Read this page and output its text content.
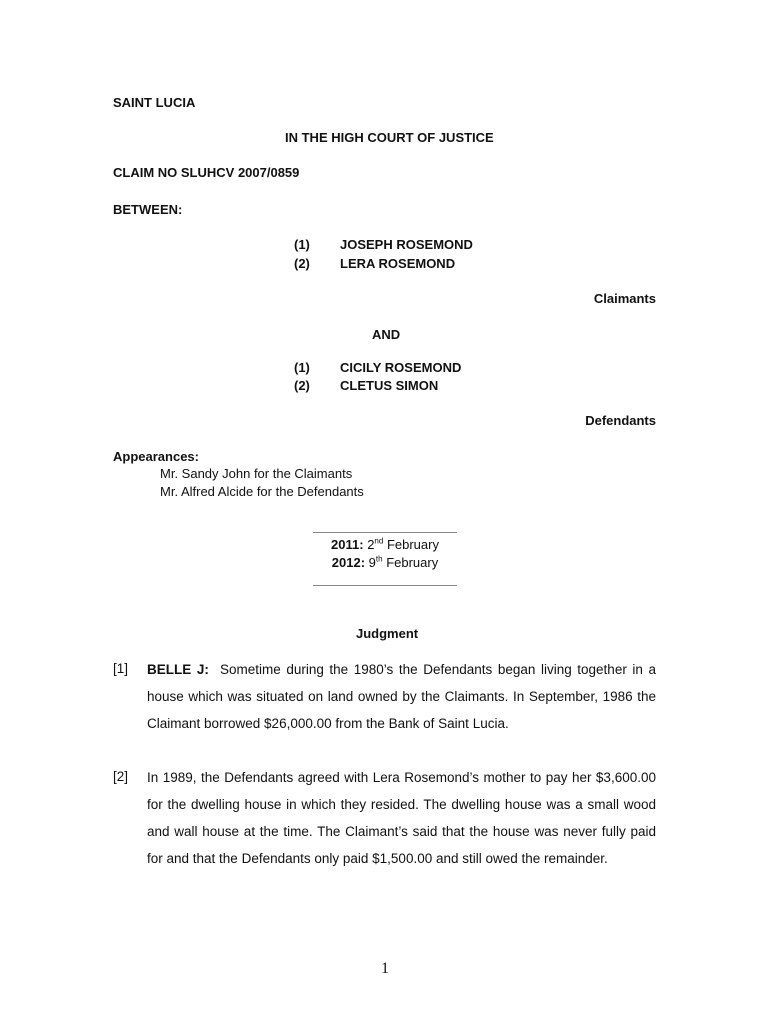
SAINT LUCIA
IN THE HIGH COURT OF JUSTICE
CLAIM NO SLUHCV 2007/0859
BETWEEN:
(1) JOSEPH ROSEMOND
(2) LERA ROSEMOND
Claimants
AND
(1) CICILY ROSEMOND
(2) CLETUS SIMON
Defendants
Appearances:
Mr. Sandy John for the Claimants
Mr. Alfred Alcide for the Defendants
2011: 2nd February
2012: 9th February
Judgment
[1] BELLE J: Sometime during the 1980’s the Defendants began living together in a house which was situated on land owned by the Claimants. In September, 1986 the Claimant borrowed $26,000.00 from the Bank of Saint Lucia.
[2] In 1989, the Defendants agreed with Lera Rosemond’s mother to pay her $3,600.00 for the dwelling house in which they resided. The dwelling house was a small wood and wall house at the time. The Claimant’s said that the house was never fully paid for and that the Defendants only paid $1,500.00 and still owed the remainder.
1
